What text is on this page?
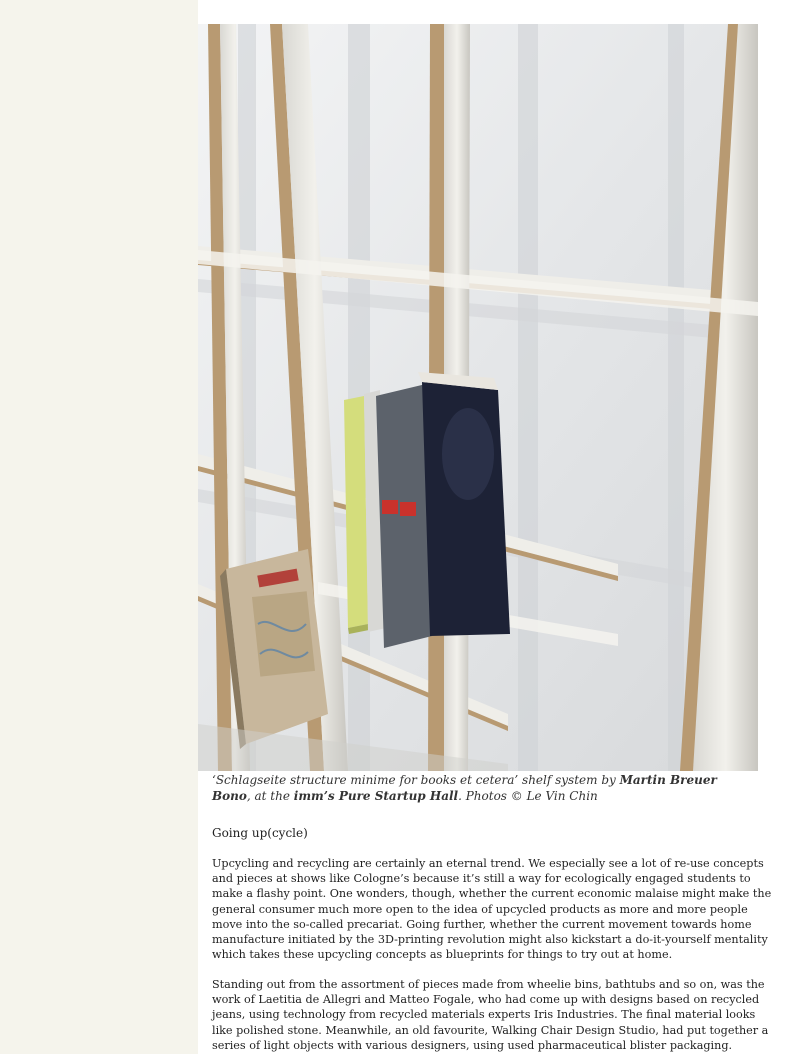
‘Schlagseite structure minime for books et cetera’ shelf system by Martin Breuer Bono, at the imm’s Pure Startup Hall. Photos © Le Vin Chin
Going up(cycle)

Upcycling and recycling are certainly an eternal trend. We especially see a lot of re-use concepts and pieces at shows like Cologne’s because it’s still a way for ecologically engaged students to make a flashy point. One wonders, though, whether the current economic malaise might make the general consumer much more open to the idea of upcycled products as more and more people move into the so-called precariat. Going further, whether the current movement towards home manufacture initiated by the 3D-printing revolution might also kickstart a do-it-yourself mentality which takes these upcycling concepts as blueprints for things to try out at home.

Standing out from the assortment of pieces made from wheelie bins, bathtubs and so on, was the work of Laetitia de Allegri and Matteo Fogale, who had come up with designs based on recycled jeans, using technology from recycled materials experts Iris Industries. The final material looks like polished stone. Meanwhile, an old favourite, Walking Chair Design Studio, had put together a series of light objects with various designers, using used pharmaceutical blister packaging.
